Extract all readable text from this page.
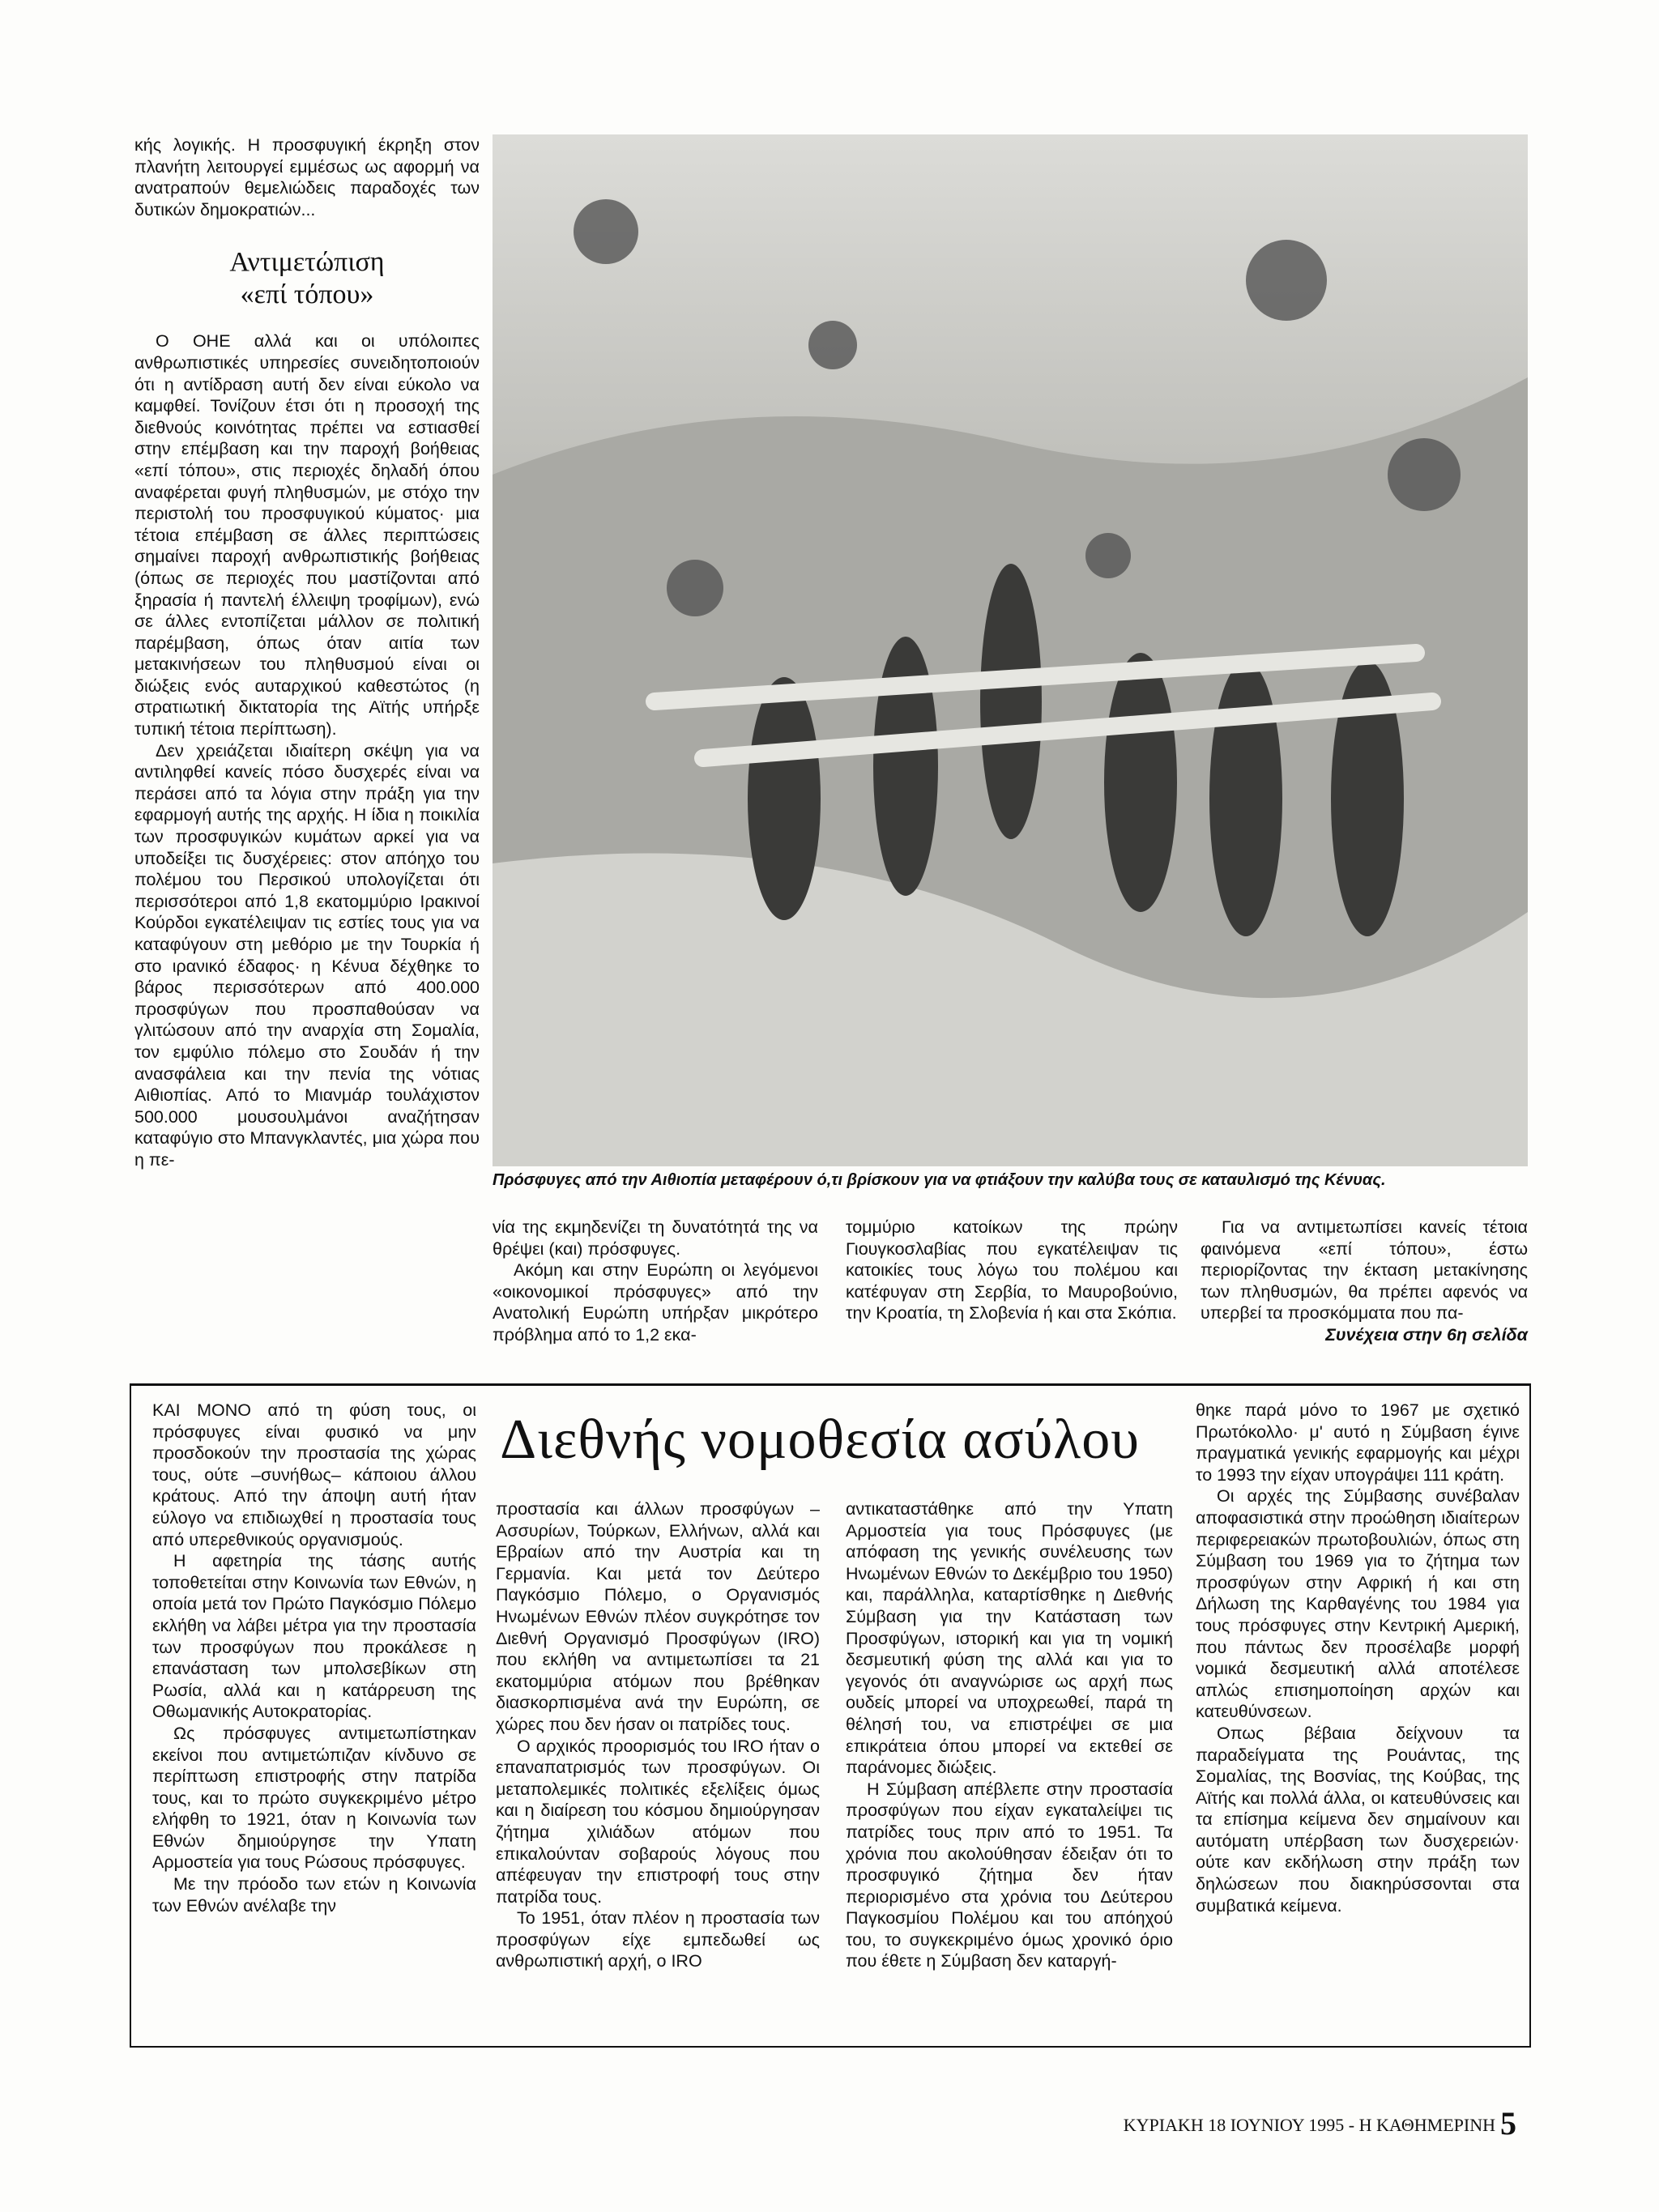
κής λογικής. Η προσφυγική έκρηξη στον πλανήτη λειτουργεί εμμέσως ως αφορμή να ανατραπούν θεμελιώδεις παραδοχές των δυτικών δημοκρατιών...

Αντιμετώπιση
«επί τόπου»

Ο ΟΗΕ αλλά και οι υπόλοιπες ανθρωπιστικές υπηρεσίες συνειδητοποιούν ότι η αντίδραση αυτή δεν είναι εύκολο να καμφθεί. Τονίζουν έτσι ότι η προσοχή της διεθνούς κοινότητας πρέπει να εστιασθεί στην επέμβαση και την παροχή βοήθειας «επί τόπου», στις περιοχές δηλαδή όπου αναφέρεται φυγή πληθυσμών, με στόχο την περιστολή του προσφυγικού κύματος· μια τέτοια επέμβαση σε άλλες περιπτώσεις σημαίνει παροχή ανθρωπιστικής βοήθειας (όπως σε περιοχές που μαστίζονται από ξηρασία ή παντελή έλλειψη τροφίμων), ενώ σε άλλες εντοπίζεται μάλλον σε πολιτική παρέμβαση, όπως όταν αιτία των μετακινήσεων του πληθυσμού είναι οι διώξεις ενός αυταρχικού καθεστώτος (η στρατιωτική δικτατορία της Αϊτής υπήρξε τυπική τέτοια περίπτωση).

Δεν χρειάζεται ιδιαίτερη σκέψη για να αντιληφθεί κανείς πόσο δυσχερές είναι να περάσει από τα λόγια στην πράξη για την εφαρμογή αυτής της αρχής. Η ίδια η ποικιλία των προσφυγικών κυμάτων αρκεί για να υποδείξει τις δυσχέρειες: στον απόηχο του πολέμου του Περσικού υπολογίζεται ότι περισσότεροι από 1,8 εκατομμύριο Ιρακινοί Κούρδοι εγκατέλειψαν τις εστίες τους για να καταφύγουν στη μεθόριο με την Τουρκία ή στο ιρανικό έδαφος· η Κένυα δέχθηκε το βάρος περισσότερων από 400.000 προσφύγων που προσπαθούσαν να γλιτώσουν από την αναρχία στη Σομαλία, τον εμφύλιο πόλεμο στο Σουδάν ή την ανασφάλεια και την πενία της νότιας Αιθιοπίας. Από το Μιανμάρ τουλάχιστον 500.000 μουσουλμάνοι αναζήτησαν καταφύγιο στο Μπανγκλαντές, μια χώρα που η πε-

Πρόσφυγες από την Αιθιοπία μεταφέρουν ό,τι βρίσκουν για να φτιάξουν την καλύβα τους σε καταυλισμό της Κένυας.

νία της εκμηδενίζει τη δυνατότητά της να θρέψει (και) πρόσφυγες.

Ακόμη και στην Ευρώπη οι λεγόμενοι «οικονομικοί πρόσφυγες» από την Ανατολική Ευρώπη υπήρξαν μικρότερο πρόβλημα από το 1,2 εκα-

τομμύριο κατοίκων της πρώην Γιουγκοσλαβίας που εγκατέλειψαν τις κατοικίες τους λόγω του πολέμου και κατέφυγαν στη Σερβία, το Μαυροβούνιο, την Κροατία, τη Σλοβενία ή και στα Σκόπια.

Για να αντιμετωπίσει κανείς τέτοια φαινόμενα «επί τόπου», έστω περιορίζοντας την έκταση μετακίνησης των πληθυσμών, θα πρέπει αφενός να υπερβεί τα προσκόμματα που πα-

Συνέχεια στην 6η σελίδα

Διεθνής νομοθεσία ασύλου

ΚΑΙ ΜΟΝΟ από τη φύση τους, οι πρόσφυγες είναι φυσικό να μην προσδοκούν την προστασία της χώρας τους, ούτε –συνήθως– κάποιου άλλου κράτους. Από την άποψη αυτή ήταν εύλογο να επιδιωχθεί η προστασία τους από υπερεθνικούς οργανισμούς.

Η αφετηρία της τάσης αυτής τοποθετείται στην Κοινωνία των Εθνών, η οποία μετά τον Πρώτο Παγκόσμιο Πόλεμο εκλήθη να λάβει μέτρα για την προστασία των προσφύγων που προκάλεσε η επανάσταση των μπολσεβίκων στη Ρωσία, αλλά και η κατάρρευση της Οθωμανικής Αυτοκρατορίας.

Ως πρόσφυγες αντιμετωπίστηκαν εκείνοι που αντιμετώπιζαν κίνδυνο σε περίπτωση επιστροφής στην πατρίδα τους, και το πρώτο συγκεκριμένο μέτρο ελήφθη το 1921, όταν η Κοινωνία των Εθνών δημιούργησε την Υπατη Αρμοστεία για τους Ρώσους πρόσφυγες.

Με την πρόοδο των ετών η Κοινωνία των Εθνών ανέλαβε την

προστασία και άλλων προσφύγων – Ασσυρίων, Τούρκων, Ελλήνων, αλλά και Εβραίων από την Αυστρία και τη Γερμανία. Και μετά τον Δεύτερο Παγκόσμιο Πόλεμο, ο Οργανισμός Ηνωμένων Εθνών πλέον συγκρότησε τον Διεθνή Οργανισμό Προσφύγων (IRO) που εκλήθη να αντιμετωπίσει τα 21 εκατομμύρια ατόμων που βρέθηκαν διασκορπισμένα ανά την Ευρώπη, σε χώρες που δεν ήσαν οι πατρίδες τους.

Ο αρχικός προορισμός του IRO ήταν ο επαναπατρισμός των προσφύγων. Οι μεταπολεμικές πολιτικές εξελίξεις όμως και η διαίρεση του κόσμου δημιούργησαν ζήτημα χιλιάδων ατόμων που επικαλούνταν σοβαρούς λόγους που απέφευγαν την επιστροφή τους στην πατρίδα τους.

Το 1951, όταν πλέον η προστασία των προσφύγων είχε εμπεδωθεί ως ανθρωπιστική αρχή, ο IRO

αντικαταστάθηκε από την Υπατη Αρμοστεία για τους Πρόσφυγες (με απόφαση της γενικής συνέλευσης των Ηνωμένων Εθνών το Δεκέμβριο του 1950) και, παράλληλα, καταρτίσθηκε η Διεθνής Σύμβαση για την Κατάσταση των Προσφύγων, ιστορική και για τη νομική δεσμευτική φύση της αλλά και για το γεγονός ότι αναγνώρισε ως αρχή πως ουδείς μπορεί να υποχρεωθεί, παρά τη θέλησή του, να επιστρέψει σε μια επικράτεια όπου μπορεί να εκτεθεί σε παράνομες διώξεις.

Η Σύμβαση απέβλεπε στην προστασία προσφύγων που είχαν εγκαταλείψει τις πατρίδες τους πριν από το 1951. Τα χρόνια που ακολούθησαν έδειξαν ότι το προσφυγικό ζήτημα δεν ήταν περιορισμένο στα χρόνια του Δεύτερου Παγκοσμίου Πολέμου και του απόηχού του, το συγκεκριμένο όμως χρονικό όριο που έθετε η Σύμβαση δεν καταργή-

θηκε παρά μόνο το 1967 με σχετικό Πρωτόκολλο· μ' αυτό η Σύμβαση έγινε πραγματικά γενικής εφαρμογής και μέχρι το 1993 την είχαν υπογράψει 111 κράτη.

Οι αρχές της Σύμβασης συνέβαλαν αποφασιστικά στην προώθηση ιδιαίτερων περιφερειακών πρωτοβουλιών, όπως στη Σύμβαση του 1969 για το ζήτημα των προσφύγων στην Αφρική ή και στη Δήλωση της Καρθαγένης του 1984 για τους πρόσφυγες στην Κεντρική Αμερική, που πάντως δεν προσέλαβε μορφή νομικά δεσμευτική αλλά αποτέλεσε απλώς επισημοποίηση αρχών και κατευθύνσεων.

Οπως βέβαια δείχνουν τα παραδείγματα της Ρουάντας, της Σομαλίας, της Βοσνίας, της Κούβας, της Αϊτής και πολλά άλλα, οι κατευθύνσεις και τα επίσημα κείμενα δεν σημαίνουν και αυτόματη υπέρβαση των δυσχερειών· ούτε καν εκδήλωση στην πράξη των δηλώσεων που διακηρύσσονται στα συμβατικά κείμενα.

ΚΥΡΙΑΚΗ 18 ΙΟΥΝΙΟΥ 1995 - Η ΚΑΘΗΜΕΡΙΝΗ 5
